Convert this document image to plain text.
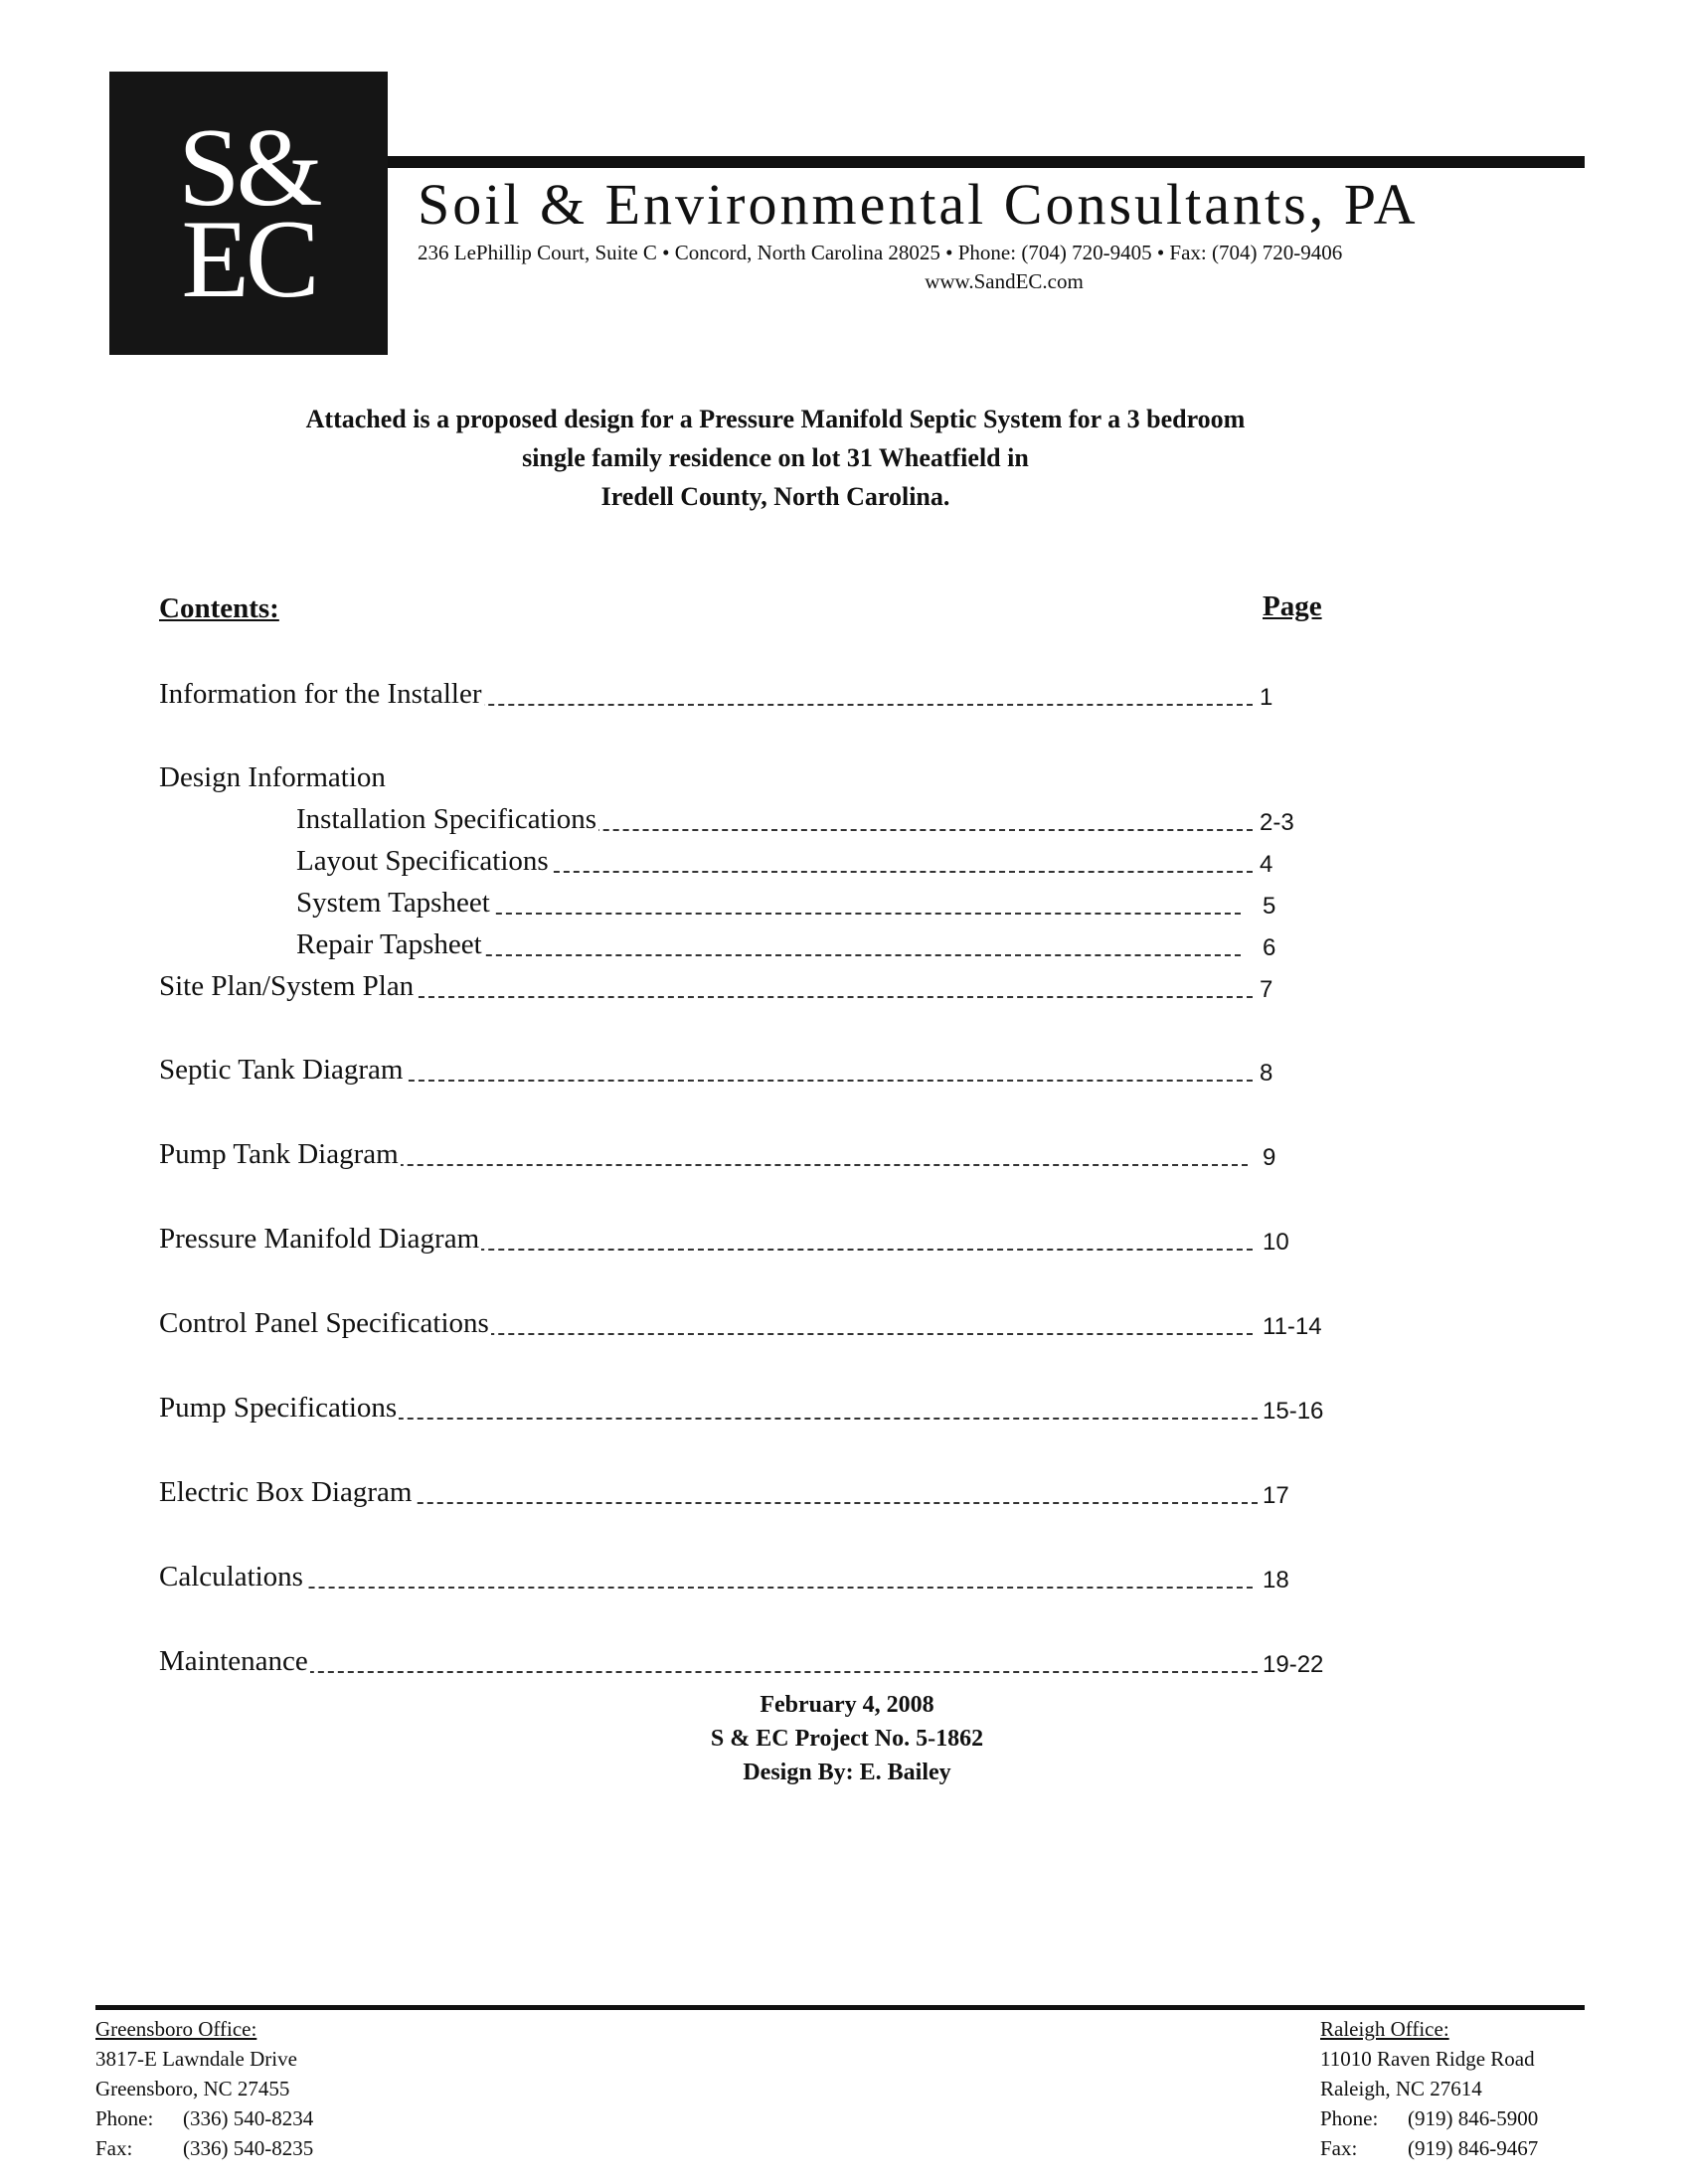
S&
EC Soil & Environmental Consultants, PA
236 LePhillip Court, Suite C • Concord, North Carolina 28025 • Phone: (704) 720-9405 • Fax: (704) 720-9406
www.SandEC.com
Attached is a proposed design for a Pressure Manifold Septic System for a 3 bedroom
single family residence on lot 31 Wheatfield in
Iredell County, North Carolina.
Contents:	Page
Information for the Installer	1
Design Information
Installation Specifications	2-3
Layout Specifications	4
System Tapsheet	5
Repair Tapsheet	6
Site Plan/System Plan	7
Septic Tank Diagram	8
Pump Tank Diagram	9
Pressure Manifold Diagram	10
Control Panel Specifications	11-14
Pump Specifications	15-16
Electric Box Diagram	17
Calculations	18
Maintenance	19-22
February 4, 2008
S & EC Project No. 5-1862
Design By: E. Bailey
Greensboro Office:
3817-E Lawndale Drive
Greensboro, NC 27455
Phone: (336) 540-8234
Fax: (336) 540-8235
Raleigh Office:
11010 Raven Ridge Road
Raleigh, NC 27614
Phone: (919) 846-5900
Fax: (919) 846-9467
